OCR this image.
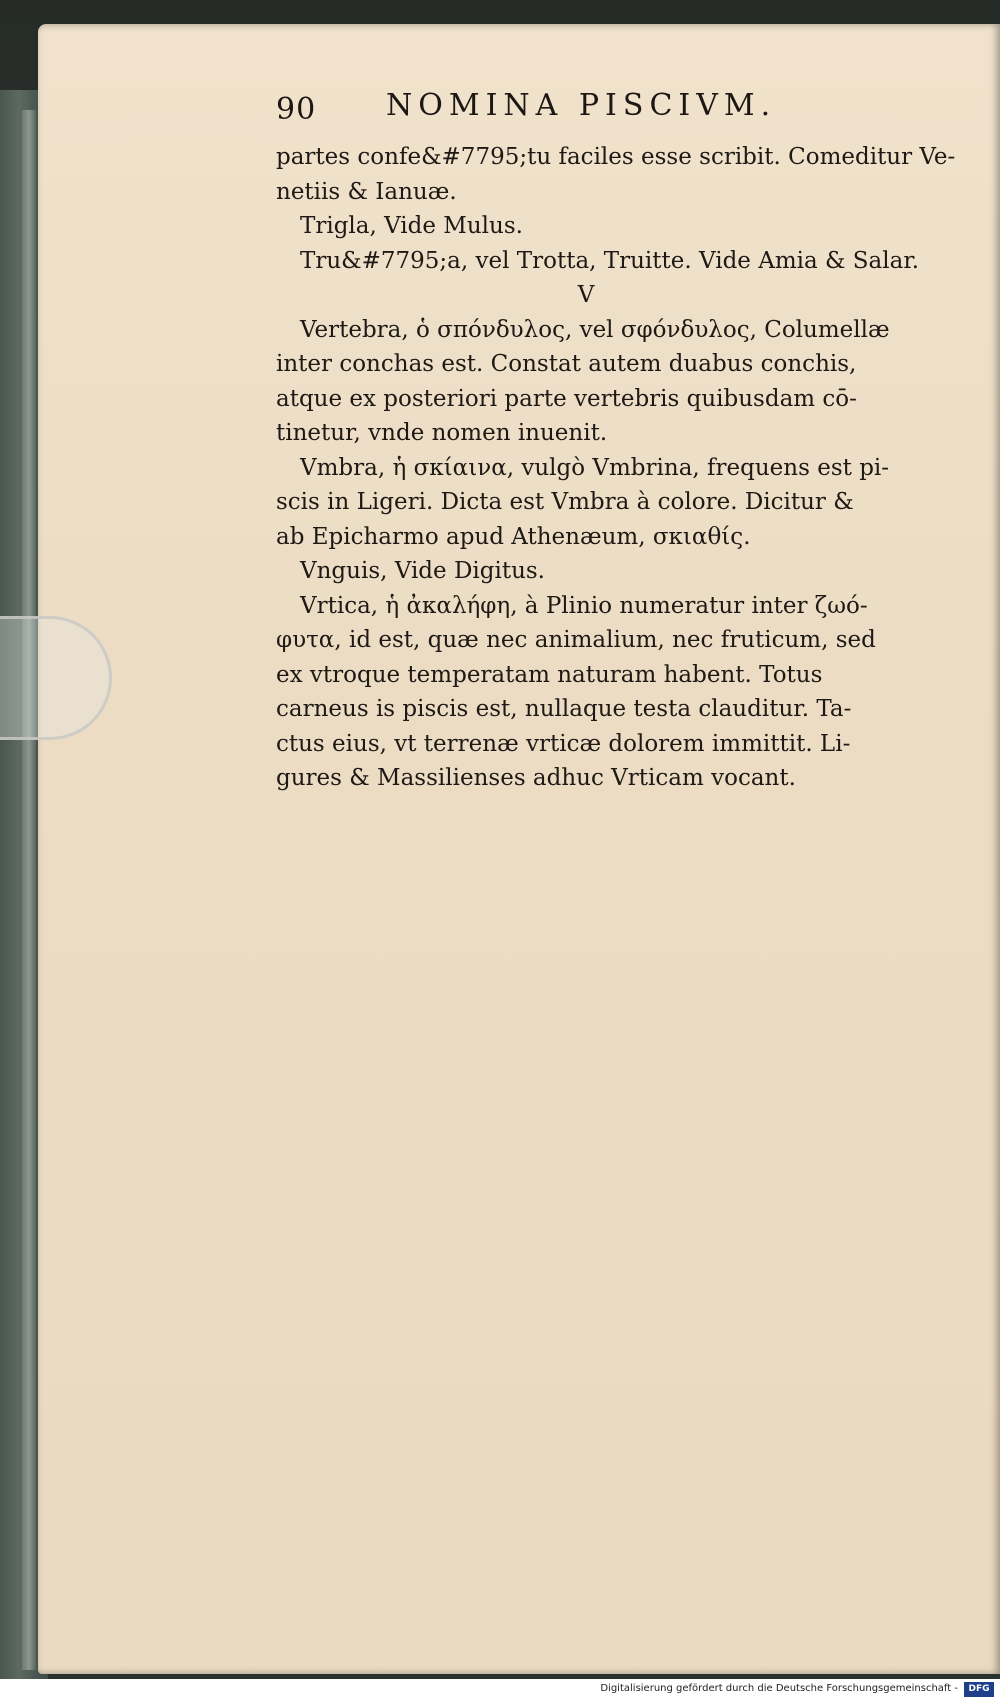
90 NOMINA PISCIVM.
partes confe&#7795;tu faciles esse scribit. Comeditur Ve-
netiis & Ianuæ.
Trigla, Vide Mulus.
Tru&#7795;a, vel Trotta, Truitte. Vide Amia & Salar.
V
Vertebra, ὁ σπόνδυλος, vel σφόνδυλος, Columellæ
inter conchas est. Constat autem duabus conchis,
atque ex posteriori parte vertebris quibusdam cō-
tinetur, vnde nomen inuenit.
Vmbra, ἡ σκίαινα, vulgò Vmbrina, frequens est pi-
scis in Ligeri. Dicta est Vmbra à colore. Dicitur &
ab Epicharmo apud Athenæum, σκιαθίς.
Vnguis, Vide Digitus.
Vrtica, ἡ ἀκαλήφη, à Plinio numeratur inter ζωό-
φυτα, id est, quæ nec animalium, nec fruticum, sed
ex vtroque temperatam naturam habent. Totus
carneus is piscis est, nullaque testa clauditur. Ta-
ctus eius, vt terrenæ vrticæ dolorem immittit. Li-
gures & Massilienses adhuc Vrticam vocant.
Digitalisierung gefördert durch die Deutsche Forschungsgemeinschaft -	DFG
